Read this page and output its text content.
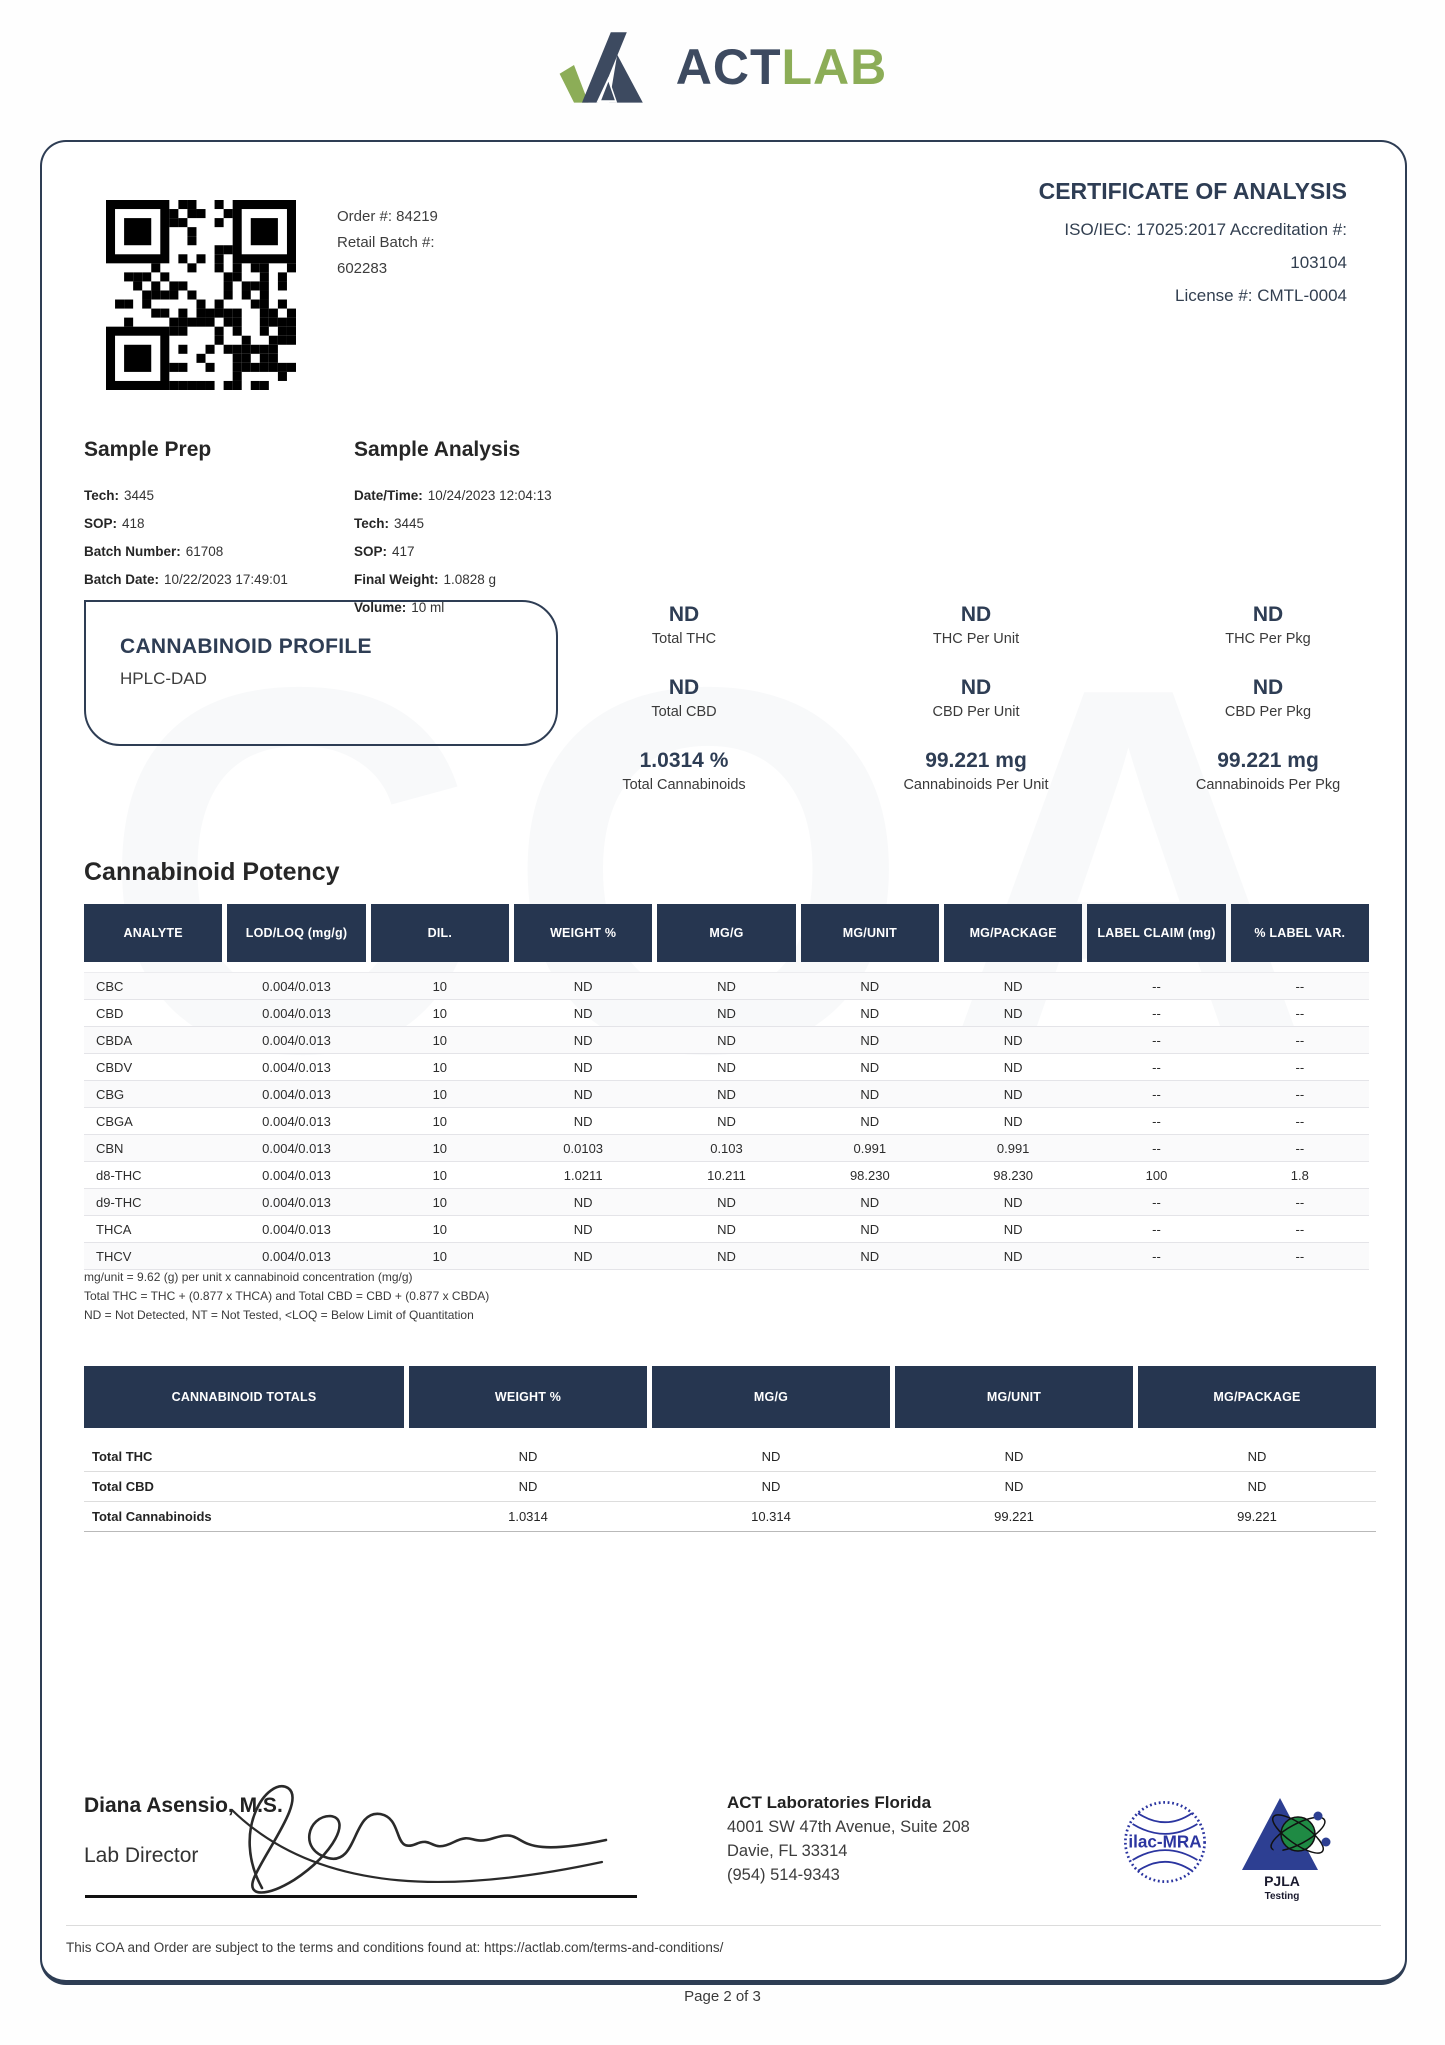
ACTLAB
Order #: 84219
Retail Batch #:
602283
CERTIFICATE OF ANALYSIS
ISO/IEC: 17025:2017 Accreditation #:
103104
License #: CMTL-0004
Sample Prep
Tech: 3445
SOP: 418
Batch Number: 61708
Batch Date: 10/22/2023 17:49:01
Sample Analysis
Date/Time: 10/24/2023 12:04:13
Tech: 3445
SOP: 417
Final Weight: 1.0828 g
Volume: 10 ml
CANNABINOID PROFILE
HPLC-DAD
ND
Total THC
ND
THC Per Unit
ND
THC Per Pkg
ND
Total CBD
ND
CBD Per Unit
ND
CBD Per Pkg
1.0314 %
Total Cannabinoids
99.221 mg
Cannabinoids Per Unit
99.221 mg
Cannabinoids Per Pkg
Cannabinoid Potency
ANALYTE	LOD/LOQ (mg/g)	DIL.	WEIGHT %	MG/G	MG/UNIT	MG/PACKAGE	LABEL CLAIM (mg)	% LABEL VAR.
CBC	0.004/0.013	10	ND	ND	ND	ND	--	--
CBD	0.004/0.013	10	ND	ND	ND	ND	--	--
CBDA	0.004/0.013	10	ND	ND	ND	ND	--	--
CBDV	0.004/0.013	10	ND	ND	ND	ND	--	--
CBG	0.004/0.013	10	ND	ND	ND	ND	--	--
CBGA	0.004/0.013	10	ND	ND	ND	ND	--	--
CBN	0.004/0.013	10	0.0103	0.103	0.991	0.991	--	--
d8-THC	0.004/0.013	10	1.0211	10.211	98.230	98.230	100	1.8
d9-THC	0.004/0.013	10	ND	ND	ND	ND	--	--
THCA	0.004/0.013	10	ND	ND	ND	ND	--	--
THCV	0.004/0.013	10	ND	ND	ND	ND	--	--
mg/unit = 9.62 (g) per unit x cannabinoid concentration (mg/g)
Total THC = THC + (0.877 x THCA) and Total CBD = CBD + (0.877 x CBDA)
ND = Not Detected, NT = Not Tested, <LOQ = Below Limit of Quantitation
CANNABINOID TOTALS	WEIGHT %	MG/G	MG/UNIT	MG/PACKAGE
Total THC	ND	ND	ND	ND
Total CBD	ND	ND	ND	ND
Total Cannabinoids	1.0314	10.314	99.221	99.221
Diana Asensio, M.S.
Lab Director
ACT Laboratories Florida
4001 SW 47th Avenue, Suite 208
Davie, FL 33314
(954) 514-9343
ilac-MRA
PJLA
Testing
This COA and Order are subject to the terms and conditions found at: https://actlab.com/terms-and-conditions/
Page 2 of 3
